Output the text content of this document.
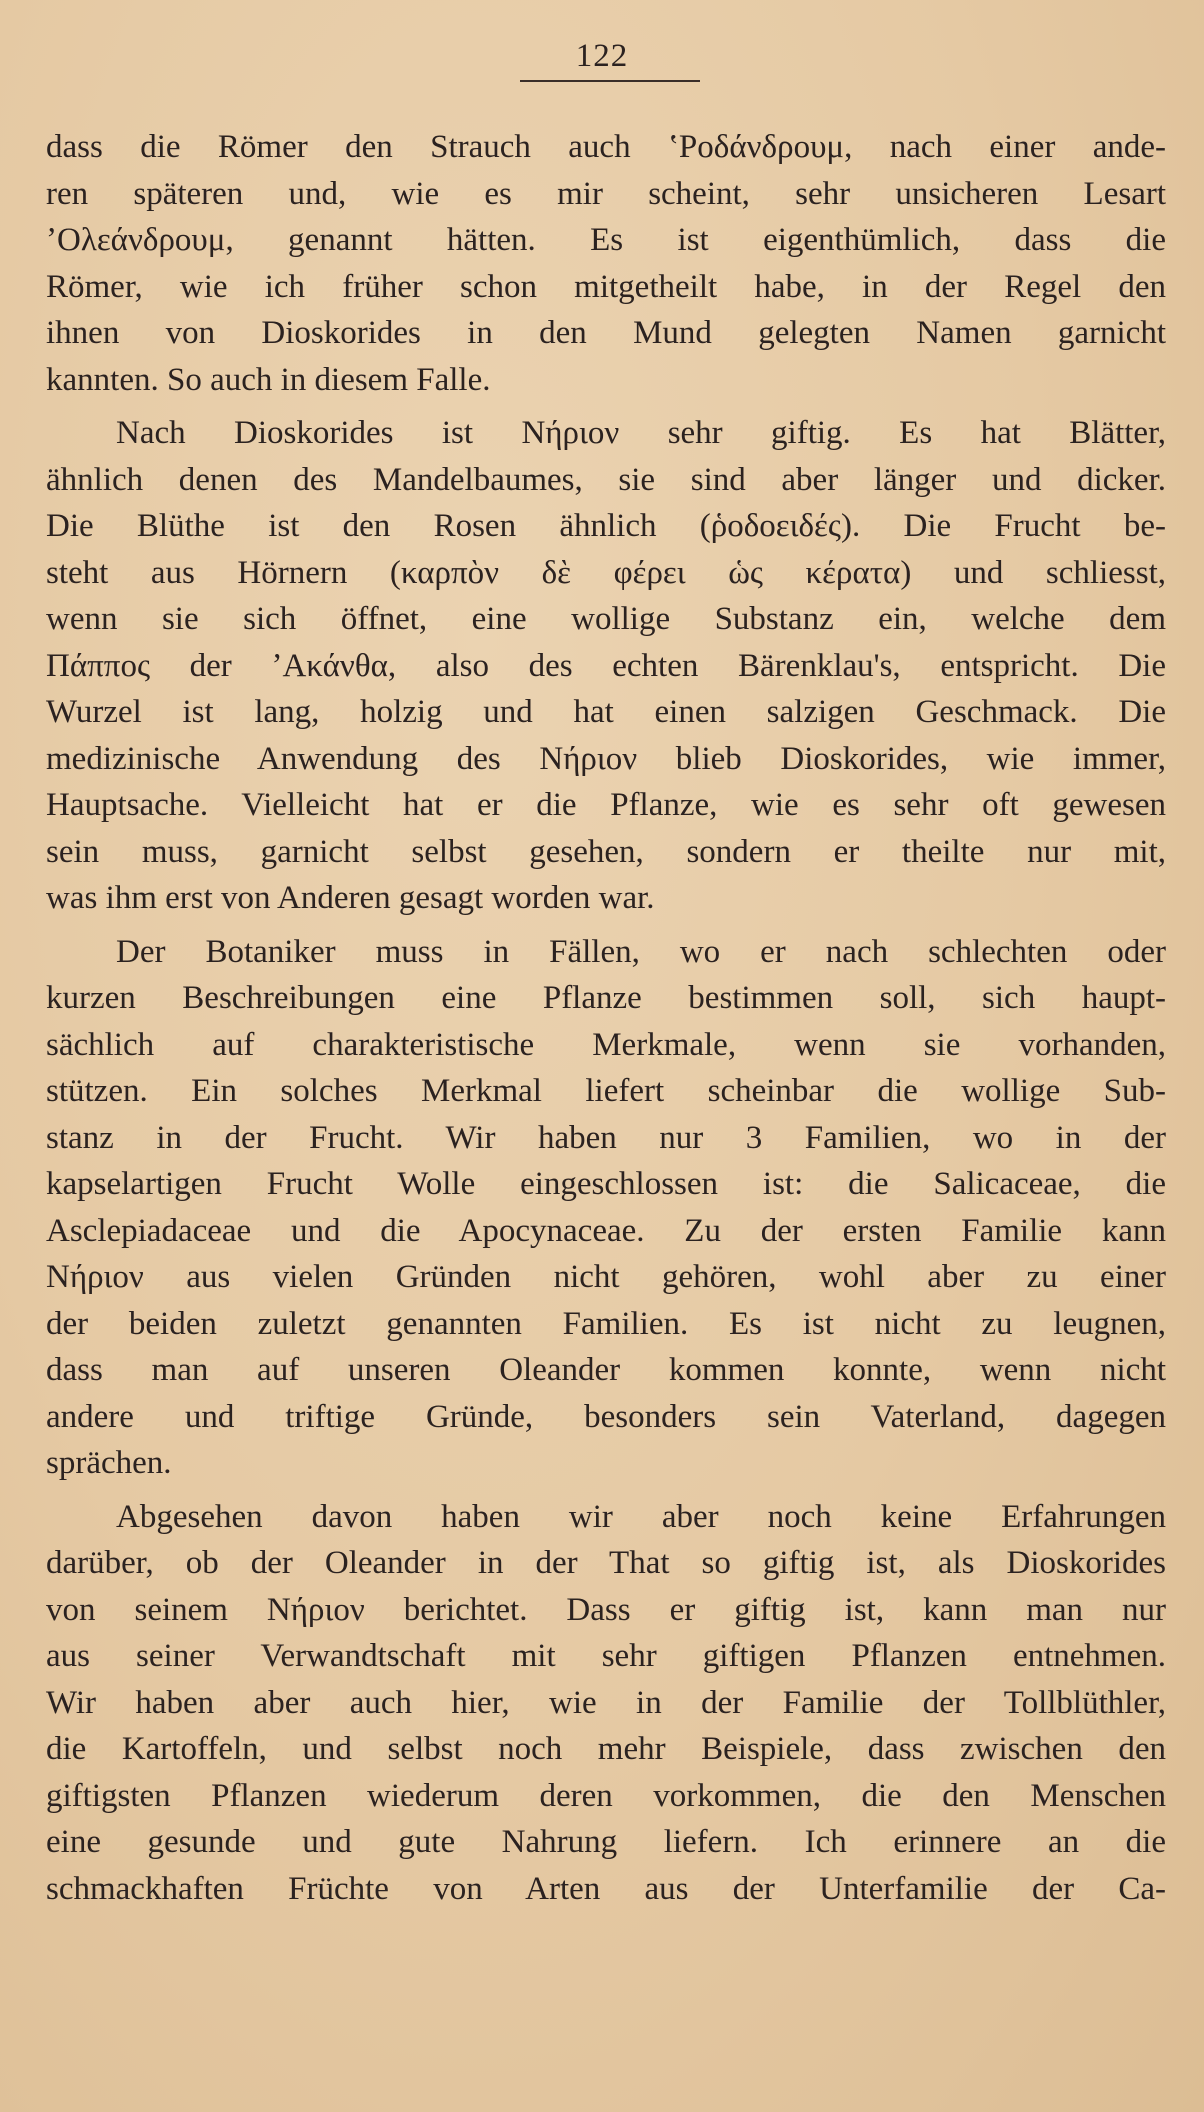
122
dass die Römer den Strauch auch ʽΡοδάνδρουμ, nach einer ande-
ren späteren und, wie es mir scheint, sehr unsicheren Lesart
ʼΟλεάνδρουμ, genannt hätten. Es ist eigenthümlich, dass die
Römer, wie ich früher schon mitgetheilt habe, in der Regel den
ihnen von Dioskorides in den Mund gelegten Namen garnicht
kannten. So auch in diesem Falle.
Nach Dioskorides ist Νήριον sehr giftig. Es hat Blätter,
ähnlich denen des Mandelbaumes, sie sind aber länger und dicker.
Die Blüthe ist den Rosen ähnlich (ῥοδοειδές). Die Frucht be-
steht aus Hörnern (καρπὸν δὲ φέρει ὡς κέρατα) und schliesst,
wenn sie sich öffnet, eine wollige Substanz ein, welche dem
Πάππος der ʼΑκάνθα, also des echten Bärenklau's, entspricht. Die
Wurzel ist lang, holzig und hat einen salzigen Geschmack. Die
medizinische Anwendung des Νήριον blieb Dioskorides, wie immer,
Hauptsache. Vielleicht hat er die Pflanze, wie es sehr oft gewesen
sein muss, garnicht selbst gesehen, sondern er theilte nur mit,
was ihm erst von Anderen gesagt worden war.
Der Botaniker muss in Fällen, wo er nach schlechten oder
kurzen Beschreibungen eine Pflanze bestimmen soll, sich haupt-
sächlich auf charakteristische Merkmale, wenn sie vorhanden,
stützen. Ein solches Merkmal liefert scheinbar die wollige Sub-
stanz in der Frucht. Wir haben nur 3 Familien, wo in der
kapselartigen Frucht Wolle eingeschlossen ist: die Salicaceae, die
Asclepiadaceae und die Apocynaceae. Zu der ersten Familie kann
Νήριον aus vielen Gründen nicht gehören, wohl aber zu einer
der beiden zuletzt genannten Familien. Es ist nicht zu leugnen,
dass man auf unseren Oleander kommen konnte, wenn nicht
andere und triftige Gründe, besonders sein Vaterland, dagegen
sprächen.
Abgesehen davon haben wir aber noch keine Erfahrungen
darüber, ob der Oleander in der That so giftig ist, als Dioskorides
von seinem Νήριον berichtet. Dass er giftig ist, kann man nur
aus seiner Verwandtschaft mit sehr giftigen Pflanzen entnehmen.
Wir haben aber auch hier, wie in der Familie der Tollblüthler,
die Kartoffeln, und selbst noch mehr Beispiele, dass zwischen den
giftigsten Pflanzen wiederum deren vorkommen, die den Menschen
eine gesunde und gute Nahrung liefern. Ich erinnere an die
schmackhaften Früchte von Arten aus der Unterfamilie der Ca-
